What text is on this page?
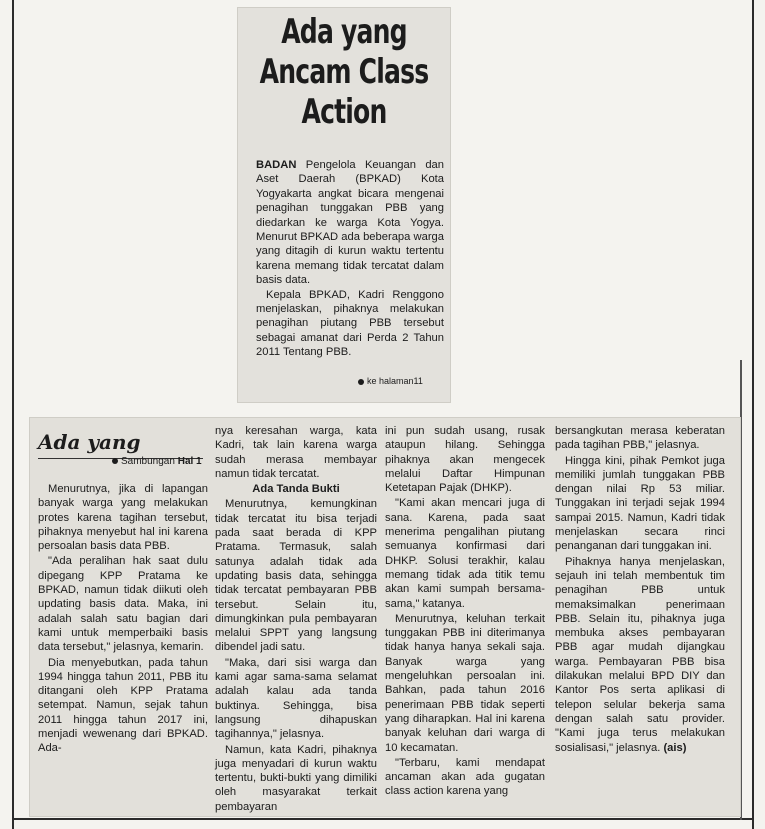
Ada yang
Ancam Class
Action

BADAN Pengelola Keuangan dan Aset Daerah (BPKAD) Kota Yogyakarta angkat bicara mengenai penagihan tunggakan PBB yang diedarkan ke warga Kota Yogya. Menurut BPKAD ada beberapa warga yang ditagih di kurun waktu tertentu karena memang tidak tercatat dalam basis data.

Kepala BPKAD, Kadri Renggono menjelaskan, pihaknya melakukan penagihan piutang PBB tersebut sebagai amanat dari Perda 2 Tahun 2011 Tentang PBB.

ke halaman11
Ada yang
Sambungan Hal 1

Menurutnya, jika di lapangan banyak warga yang melakukan protes karena tagihan tersebut, pihaknya menyebut hal ini karena persoalan basis data PBB.

"Ada peralihan hak saat dulu dipegang KPP Pratama ke BPKAD, namun tidak diikuti oleh updating basis data. Maka, ini adalah salah satu bagian dari kami untuk memperbaiki basis data tersebut," jelasnya, kemarin.

Dia menyebutkan, pada tahun 1994 hingga tahun 2011, PBB itu ditangani oleh KPP Pratama setempat. Namun, sejak tahun 2011 hingga tahun 2017 ini, menjadi wewenang dari BPKAD. Ada-

nya keresahan warga, kata Kadri, tak lain karena warga sudah merasa membayar namun tidak tercatat.

Ada Tanda Bukti

Menurutnya, kemungkinan tidak tercatat itu bisa terjadi pada saat berada di KPP Pratama. Termasuk, salah satunya adalah tidak ada updating basis data, sehingga tidak tercatat pembayaran PBB tersebut. Selain itu, dimungkinkan pula pembayaran melalui SPPT yang langsung dibendel jadi satu.

"Maka, dari sisi warga dan kami agar sama-sama selamat adalah kalau ada tanda buktinya. Sehingga, bisa langsung dihapuskan tagihannya," jelasnya.

Namun, kata Kadri, pihaknya juga menyadari di kurun waktu tertentu, bukti-bukti yang dimiliki oleh masyarakat terkait pembayaran

ini pun sudah usang, rusak ataupun hilang. Sehingga pihaknya akan mengecek melalui Daftar Himpunan Ketetapan Pajak (DHKP).

"Kami akan mencari juga di sana. Karena, pada saat menerima pengalihan piutang semuanya konfirmasi dari DHKP. Solusi terakhir, kalau memang tidak ada titik temu akan kami sumpah bersama-sama," katanya.

Menurutnya, keluhan terkait tunggakan PBB ini diterimanya tidak hanya hanya sekali saja. Banyak warga yang mengeluhkan persoalan ini. Bahkan, pada tahun 2016 penerimaan PBB tidak seperti yang diharapkan. Hal ini karena banyak keluhan dari warga di 10 kecamatan.

"Terbaru, kami mendapat ancaman akan ada gugatan class action karena yang

bersangkutan merasa keberatan pada tagihan PBB," jelasnya.

Hingga kini, pihak Pemkot juga memiliki jumlah tunggakan PBB dengan nilai Rp 53 miliar. Tunggakan ini terjadi sejak 1994 sampai 2015. Namun, Kadri tidak menjelaskan secara rinci penanganan dari tunggakan ini.

Pihaknya hanya menjelaskan, sejauh ini telah membentuk tim penagihan PBB untuk memaksimalkan penerimaan PBB. Selain itu, pihaknya juga membuka akses pembayaran PBB agar mudah dijangkau warga. Pembayaran PBB bisa dilakukan melalui BPD DIY dan Kantor Pos serta aplikasi di telepon selular bekerja sama dengan salah satu provider. "Kami juga terus melakukan sosialisasi," jelasnya. (ais)
